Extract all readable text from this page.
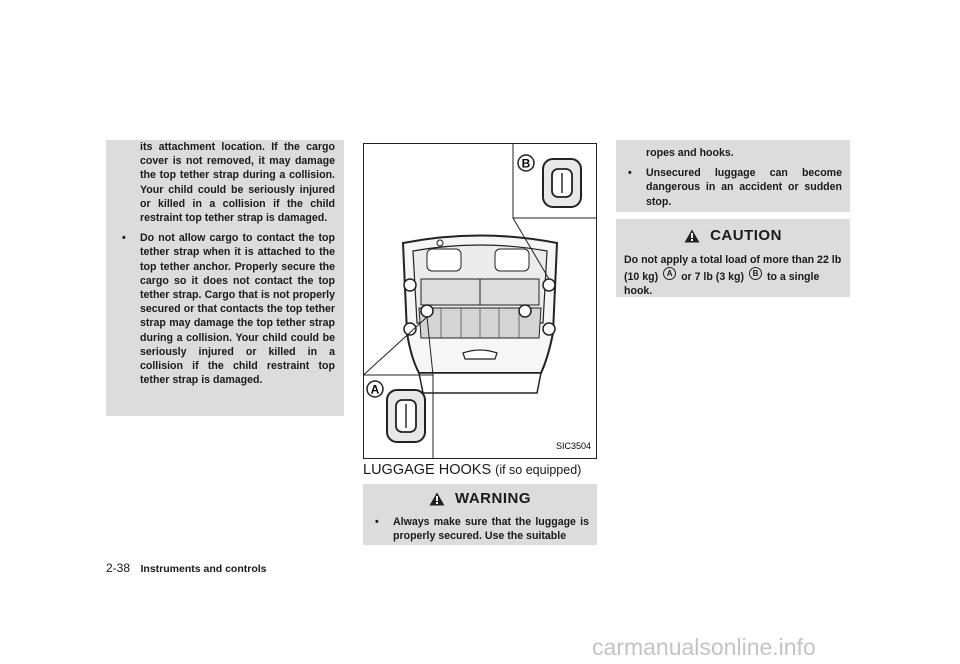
its attachment location. If the cargo cover is not removed, it may damage the top tether strap during a collision. Your child could be seriously injured or killed in a collision if the child restraint top tether strap is damaged.
• Do not allow cargo to contact the top tether strap when it is attached to the top tether anchor. Properly secure the cargo so it does not contact the top tether strap. Cargo that is not properly secured or that contacts the top tether strap may damage the top tether strap during a collision. Your child could be seriously injured or killed in a collision if the child restraint top tether strap is damaged.
B
A
SIC3504
LUGGAGE HOOKS (if so equipped)
WARNING
• Always make sure that the luggage is properly secured. Use the suitable
ropes and hooks.
• Unsecured luggage can become dangerous in an accident or sudden stop.
CAUTION
Do not apply a total load of more than 22 lb (10 kg) A or 7 lb (3 kg) B to a single hook.
2-38 Instruments and controls
carmanualsonline.info
